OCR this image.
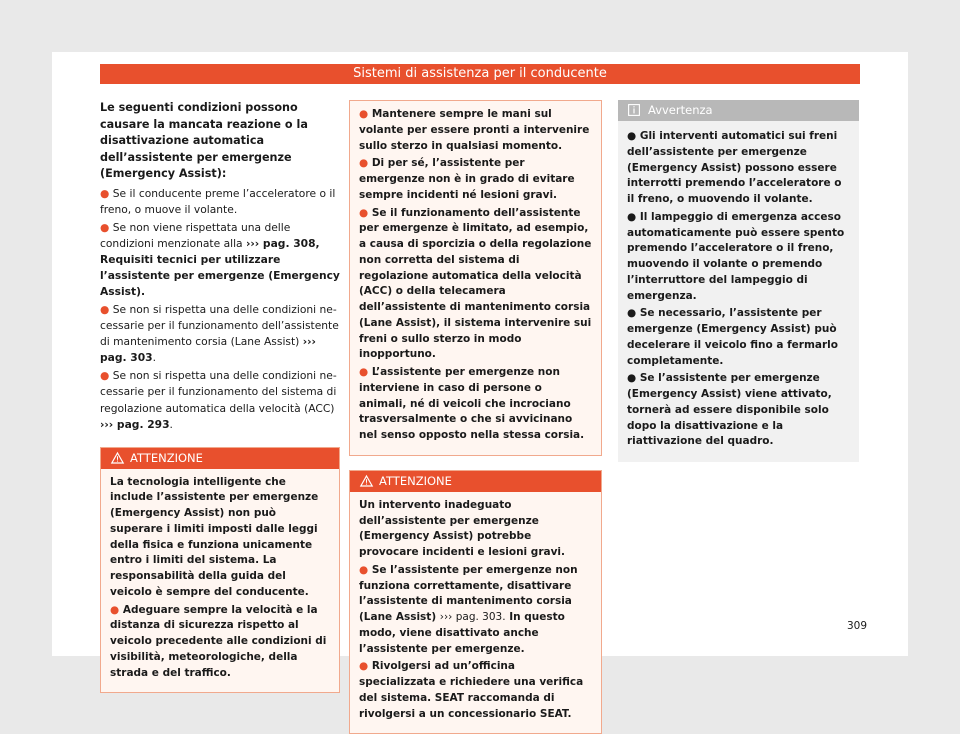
Sistemi di assistenza per il conducente

Le seguenti condizioni possono causare la mancata reazione o la disattivazione automatica dell’assistente per emergenze (Emergency Assist):

● Se il conducente preme l’acceleratore o il freno, o muove il volante.

● Se non viene rispettata una delle condizioni menzionate alla ››› pag. 308, Requisiti tecnici per utilizzare l’assistente per emergenze (Emergency Assist).

● Se non si rispetta una delle condizioni necessarie per il funzionamento dell’assistente di mantenimento corsia (Lane Assist) ››› pag. 303.

● Se non si rispetta una delle condizioni necessarie per il funzionamento del sistema di regolazione automatica della velocità (ACC) ››› pag. 293.

ATTENZIONE

La tecnologia intelligente che include l’assistente per emergenze (Emergency Assist) non può superare i limiti imposti dalle leggi della fisica e funziona unicamente entro i limiti del sistema. La responsabilità della guida del veicolo è sempre del conducente.

● Adeguare sempre la velocità e la distanza di sicurezza rispetto al veicolo precedente alle condizioni di visibilità, meteorologiche, della strada e del traffico.

● Mantenere sempre le mani sul volante per essere pronti a intervenire sullo sterzo in qualsiasi momento.

● Di per sé, l’assistente per emergenze non è in grado di evitare sempre incidenti né lesioni gravi.

● Se il funzionamento dell’assistente per emergenze è limitato, ad esempio, a causa di sporcizia o della regolazione non corretta del sistema di regolazione automatica della velocità (ACC) o della telecamera dell’assistente di mantenimento corsia (Lane Assist), il sistema intervenire sui freni o sullo sterzo in modo inopportuno.

● L’assistente per emergenze non interviene in caso di persone o animali, né di veicoli che incrociano trasversalmente o che si avvicinano nel senso opposto nella stessa corsia.

ATTENZIONE

Un intervento inadeguato dell’assistente per emergenze (Emergency Assist) potrebbe provocare incidenti e lesioni gravi.

● Se l’assistente per emergenze non funziona correttamente, disattivare l’assistente di mantenimento corsia (Lane Assist) ››› pag. 303. In questo modo, viene disattivato anche l’assistente per emergenze.

● Rivolgersi ad un’officina specializzata e richiedere una verifica del sistema. SEAT raccomanda di rivolgersi a un concessionario SEAT.

Avvertenza

● Gli interventi automatici sui freni dell’assistente per emergenze (Emergency Assist) possono essere interrotti premendo l’acceleratore o il freno, o muovendo il volante.

● Il lampeggio di emergenza acceso automaticamente può essere spento premendo l’acceleratore o il freno, muovendo il volante o premendo l’interruttore del lampeggio di emergenza.

● Se necessario, l’assistente per emergenze (Emergency Assist) può decelerare il veicolo fino a fermarlo completamente.

● Se l’assistente per emergenze (Emergency Assist) viene attivato, tornerà ad essere disponibile solo dopo la disattivazione e la riattivazione del quadro.

309
